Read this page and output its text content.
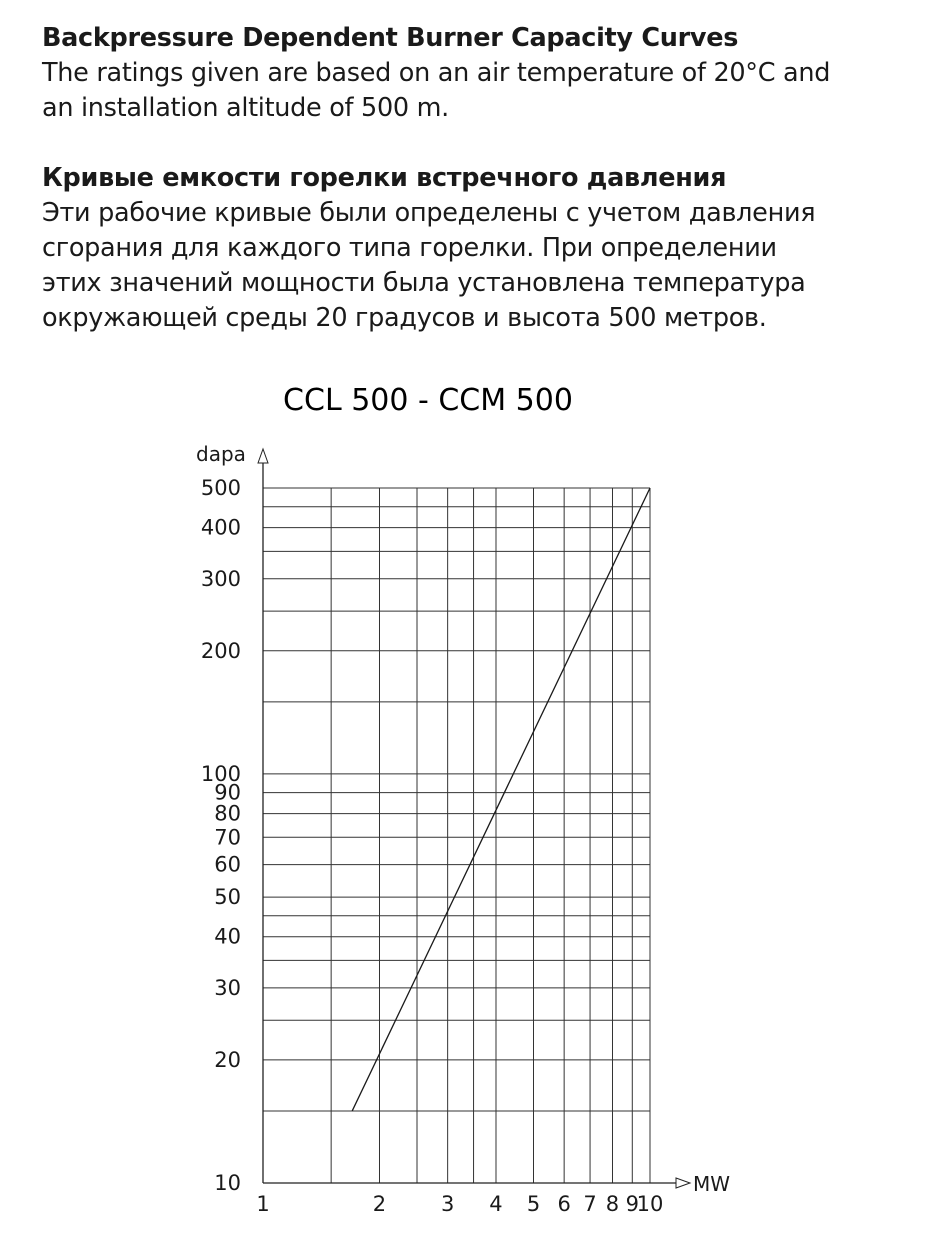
Backpressure Dependent Burner Capacity Curves
The ratings given are based on an air temperature of 20°C and
an installation altitude of 500 m.
Кривые емкости горелки встречного давления
Эти рабочие кривые были определены с учетом давления
сгорания для каждого типа горелки. При определении
этих значений мощности была установлена температура
окружающей среды 20 градусов и высота 500 метров.
CCL 500 - CCM 500
dapa
MW
10
20
30
40
50
60
70
80
90
100
200
300
400
500
1	2	3 4 5 6 7 8 9
10
